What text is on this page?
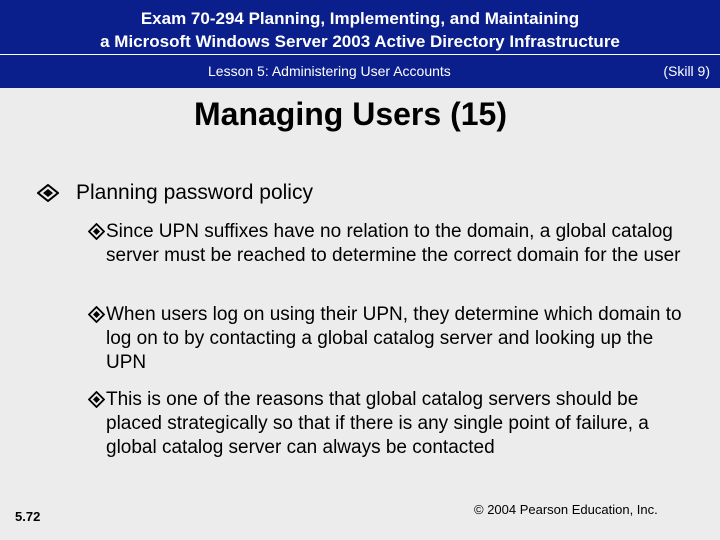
Exam 70-294 Planning, Implementing, and Maintaining
a Microsoft Windows Server 2003 Active Directory Infrastructure
Lesson 5: Administering User Accounts	(Skill 9)
Managing Users (15)
Planning password policy
Since UPN suffixes have no relation to the domain, a global catalog server must be reached to determine the correct domain for the user
When users log on using their UPN, they determine which domain to log on to by contacting a global catalog server and looking up the UPN
This is one of the reasons that global catalog servers should be placed strategically so that if there is any single point of failure, a global catalog server can always be contacted
5.72	© 2004 Pearson Education, Inc.
